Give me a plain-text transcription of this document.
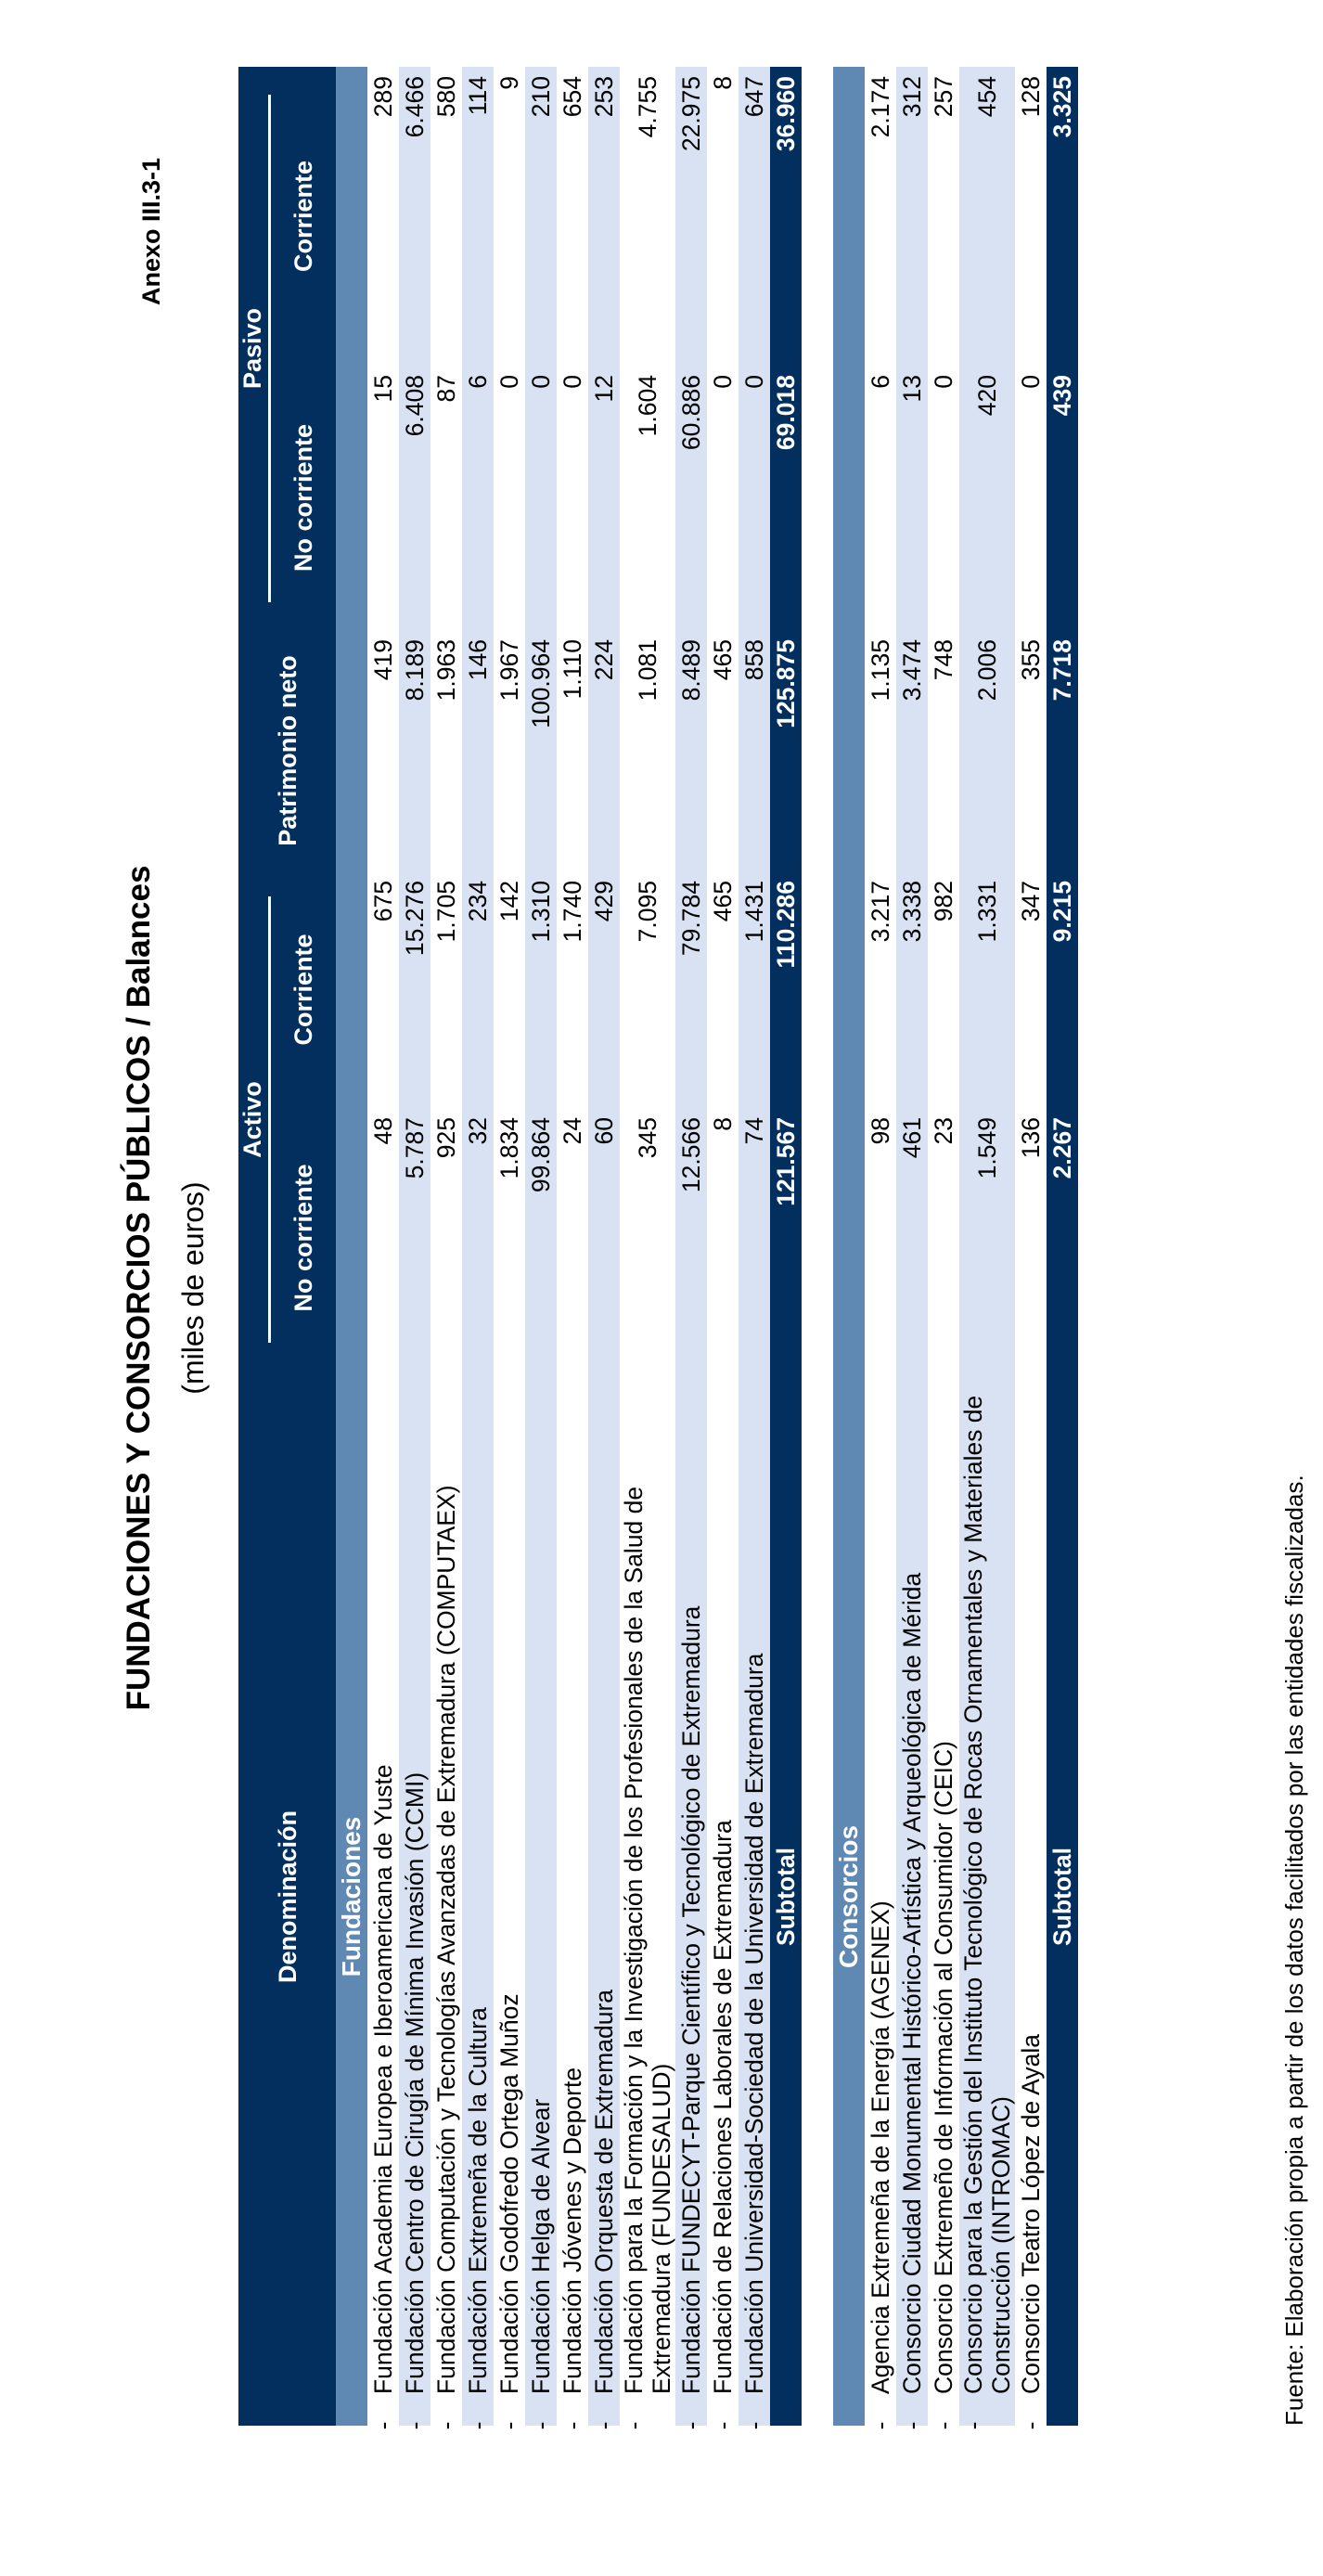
Anexo III.3-1
FUNDACIONES Y CONSORCIOS PÚBLICOS / Balances (miles de euros)
Denominación	Activo		Patrimonio neto	Pasivo	
	No corriente	Corriente		No corriente	Corriente
Fundaciones					

-Fundación Academia Europea e Iberoamericana de Yuste	48	675	419	15	289

-Fundación Centro de Cirugía de Mínima Invasión (CCMI)	5.787	15.276	8.189	6.408	6.466

-Fundación Computación y Tecnologías Avanzadas de Extremadura (COMPUTAEX)	925	1.705	1.963	87	580

-Fundación Extremeña de la Cultura	32	234	146	6	114

-Fundación Godofredo Ortega Muñoz	1.834	142	1.967	0	9

-Fundación Helga de Alvear	99.864	1.310	100.964	0	210

-Fundación Jóvenes y Deporte	24	1.740	1.110	0	654

-Fundación Orquesta de Extremadura	60	429	224	12	253

-Fundación para la Formación y la Investigación de los Profesionales de la Salud de Extremadura (FUNDESALUD)	345	7.095	1.081	1.604	4.755

-Fundación FUNDECYT-Parque Científico y Tecnológico de Extremadura	12.566	79.784	8.489	60.886	22.975

-Fundación de Relaciones Laborales de Extremadura	8	465	465	0	8

-Fundación Universidad-Sociedad de la Universidad de Extremadura	74	1.431	858	0	647
Subtotal	121.567	110.286	125.875	69.018	36.960

Consorcios					

-Agencia Extremeña de la Energía (AGENEX)	98	3.217	1.135	6	2.174

-Consorcio Ciudad Monumental Histórico-Artística y Arqueológica de Mérida	461	3.338	3.474	13	312

-Consorcio Extremeño de Información al Consumidor (CEIC)	23	982	748	0	257

-Consorcio para la Gestión del Instituto Tecnológico de Rocas Ornamentales y Materiales de Construcción (INTROMAC)	1.549	1.331	2.006	420	454

-Consorcio Teatro López de Ayala	136	347	355	0	128
Subtotal	2.267	9.215	7.718	439	3.325
Fuente: Elaboración propia a partir de los datos facilitados por las entidades fiscalizadas.
